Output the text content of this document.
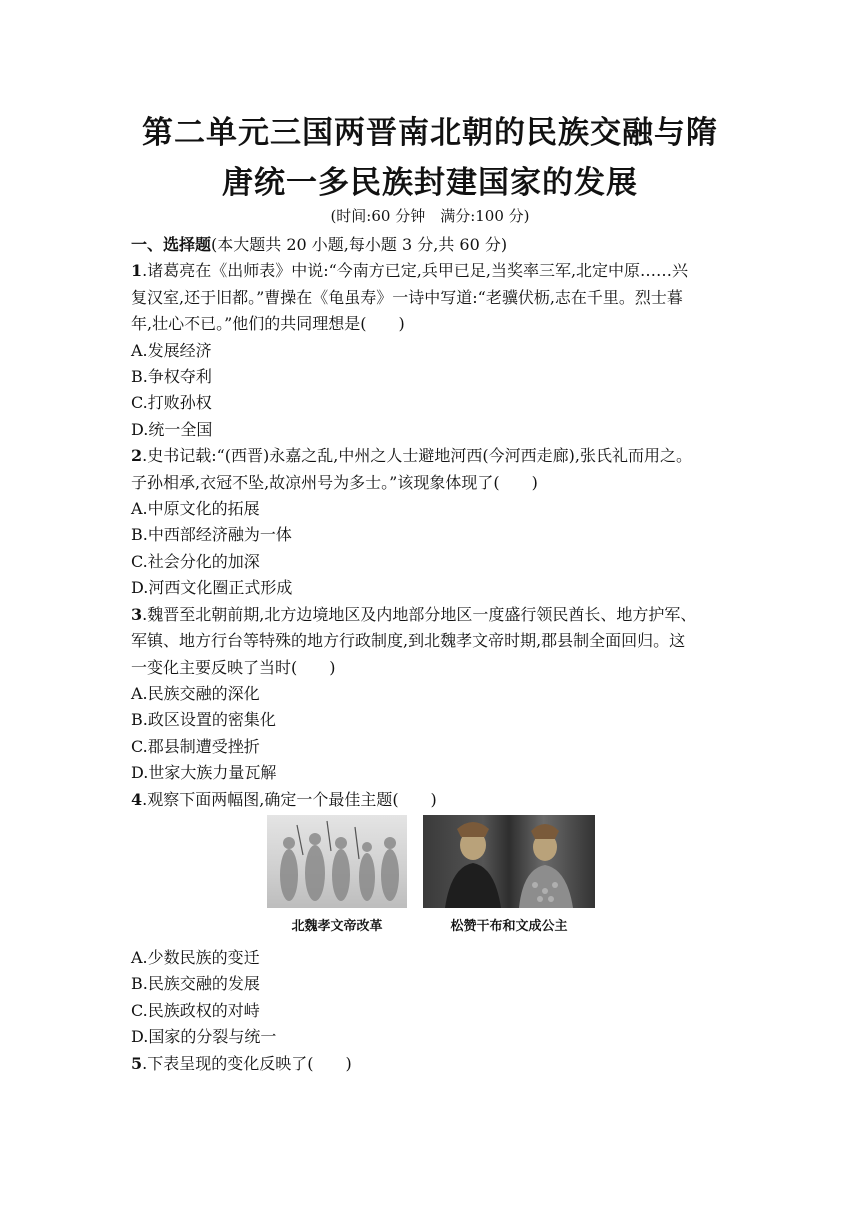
第二单元三国两晋南北朝的民族交融与隋
唐统一多民族封建国家的发展
(时间:60 分钟　满分:100 分)

一、选择题(本大题共 20 小题,每小题 3 分,共 60 分)

1.诸葛亮在《出师表》中说:“今南方已定,兵甲已足,当奖率三军,北定中原……兴

复汉室,还于旧都。”曹操在《龟虽寿》一诗中写道:“老骥伏枥,志在千里。烈士暮

年,壮心不已。”他们的共同理想是(　　)

A.发展经济

B.争权夺利

C.打败孙权

D.统一全国

2.史书记载:“(西晋)永嘉之乱,中州之人士避地河西(今河西走廊),张氏礼而用之。

子孙相承,衣冠不坠,故凉州号为多士。”该现象体现了(　　)

A.中原文化的拓展

B.中西部经济融为一体

C.社会分化的加深

D.河西文化圈正式形成

3.魏晋至北朝前期,北方边境地区及内地部分地区一度盛行领民酋长、地方护军、

军镇、地方行台等特殊的地方行政制度,到北魏孝文帝时期,郡县制全面回归。这

一变化主要反映了当时(　　)

A.民族交融的深化

B.政区设置的密集化

C.郡县制遭受挫折

D.世家大族力量瓦解

4.观察下面两幅图,确定一个最佳主题(　　)

北魏孝文帝改革	松赞干布和文成公主

A.少数民族的变迁

B.民族交融的发展

C.民族政权的对峙

D.国家的分裂与统一

5.下表呈现的变化反映了(　　)
